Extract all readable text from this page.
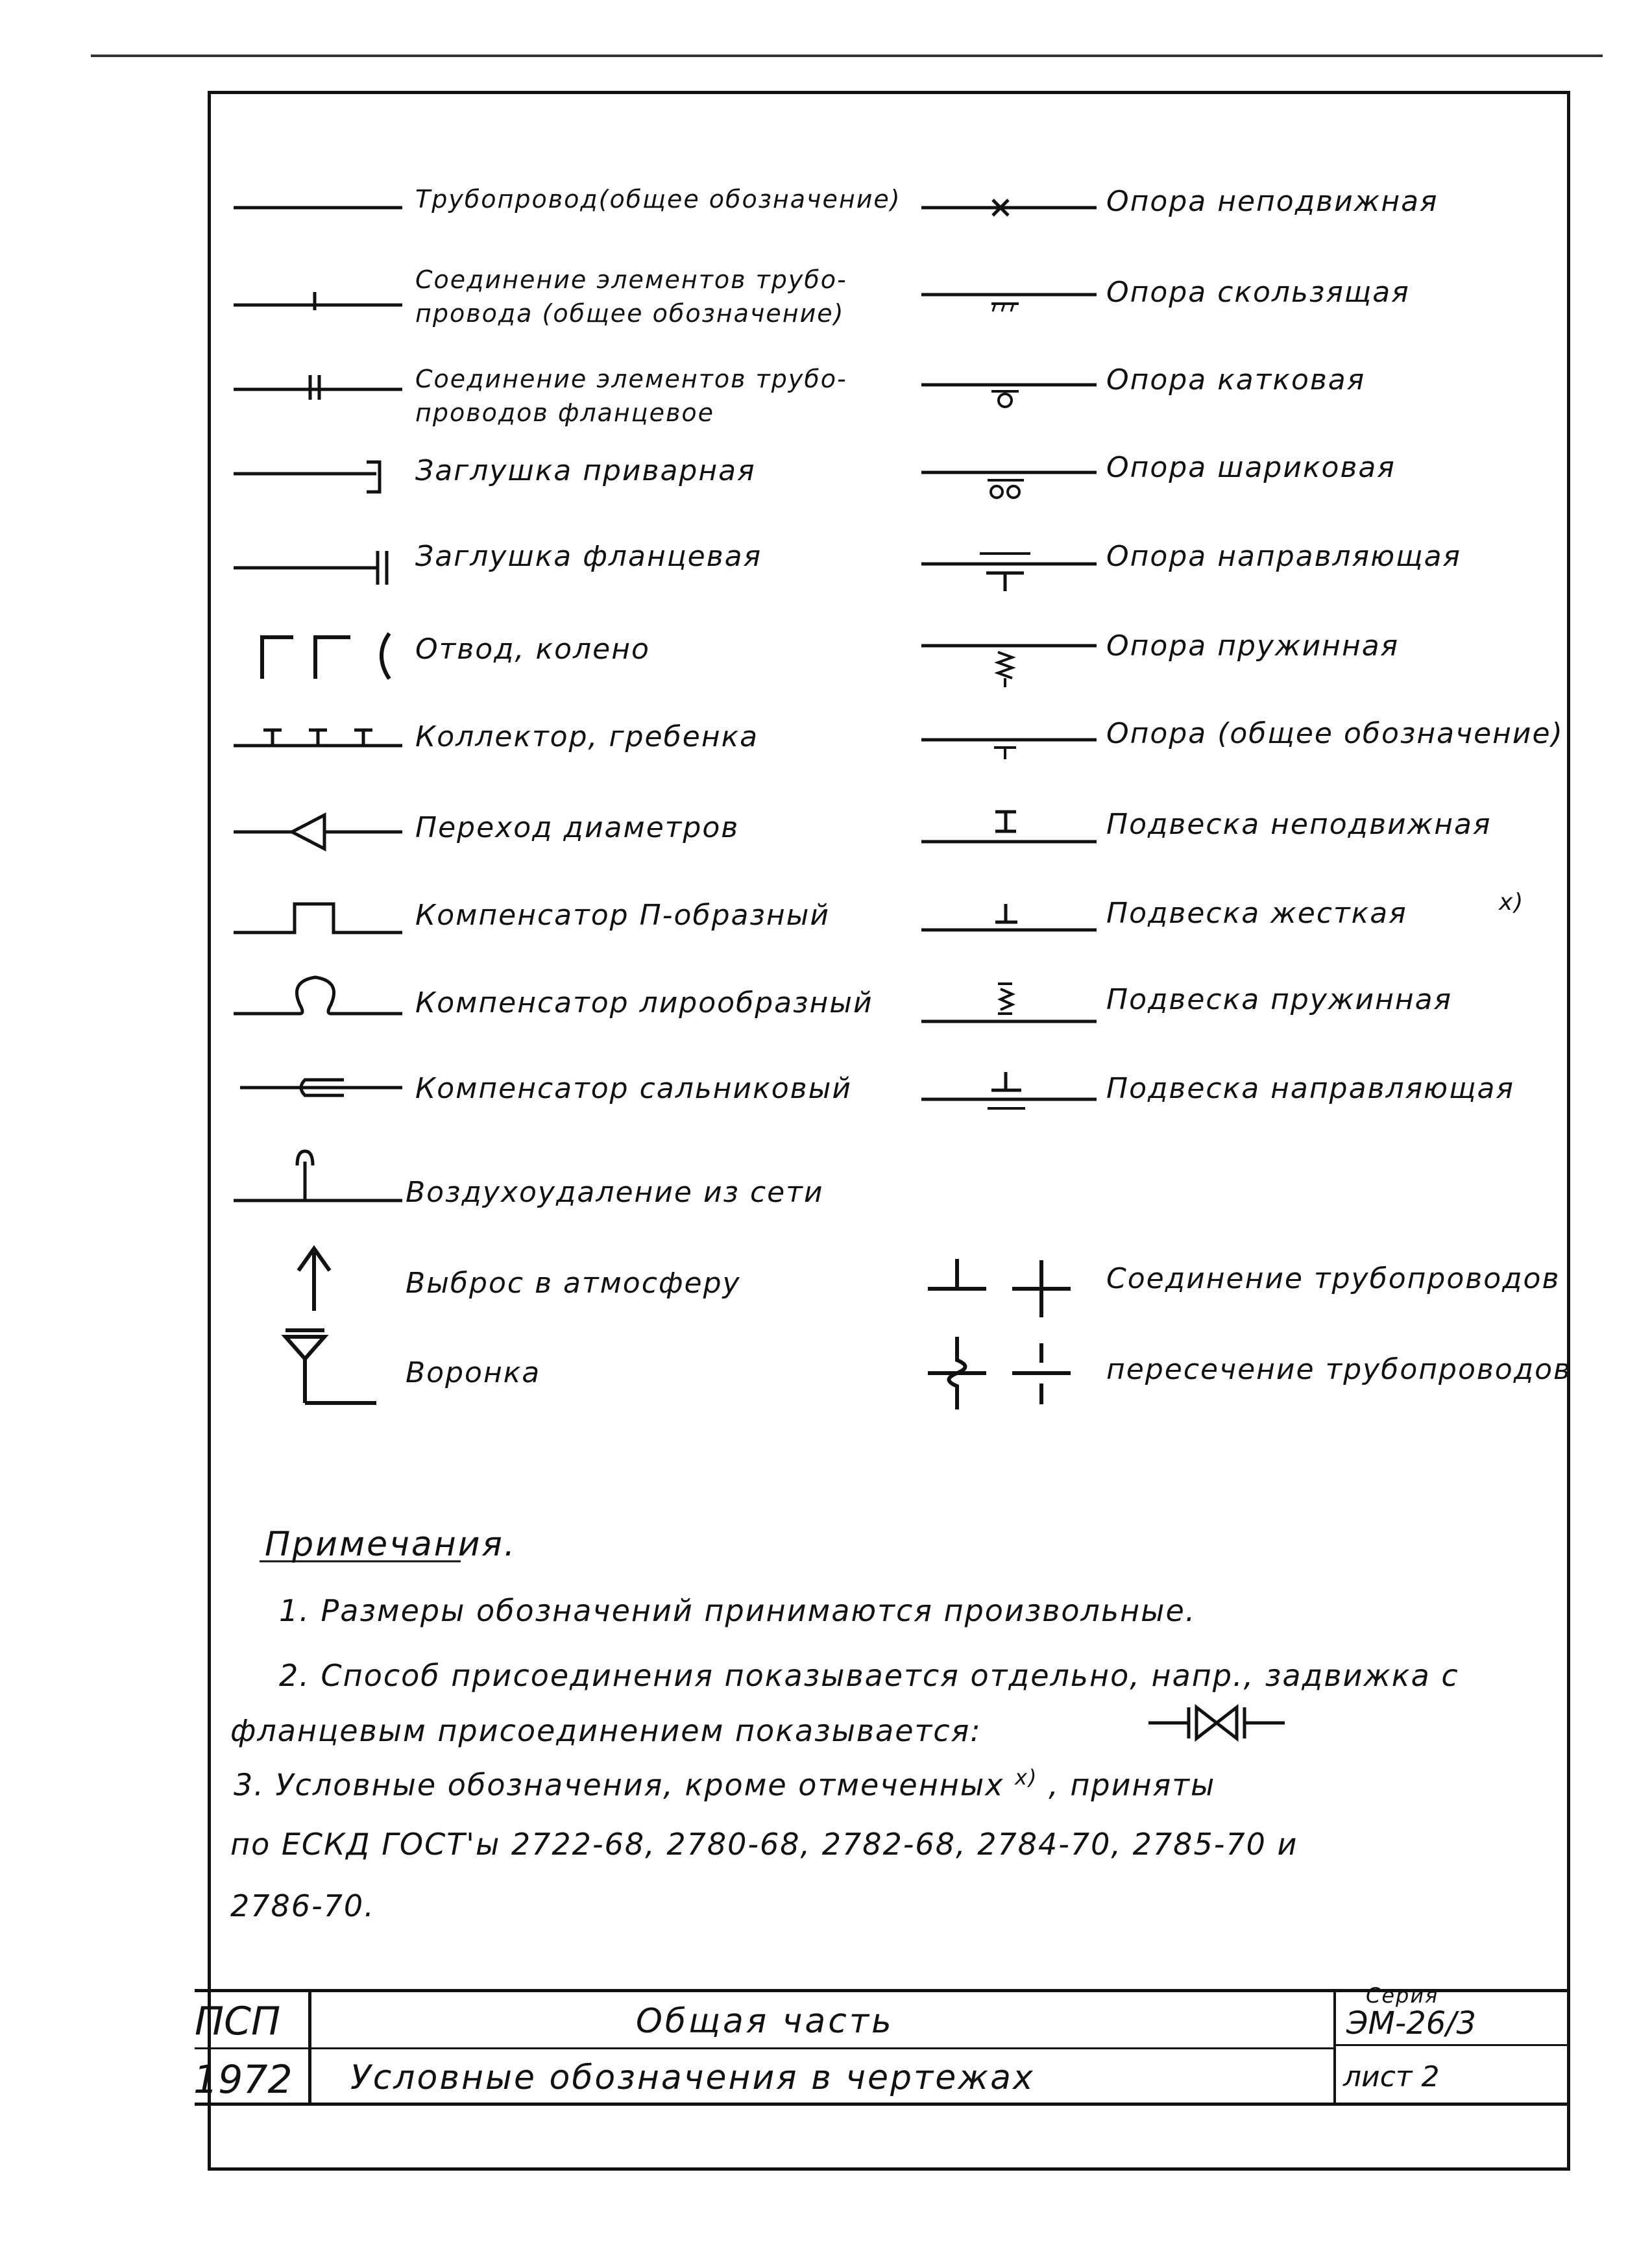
Трубопровод(общее обозначение)
Соединение элементов трубо-
провода (общее обозначение)
Соединение элементов трубо-
проводов фланцевое
Заглушка приварная
Заглушка фланцевая
Отвод, колено
Коллектор, гребенка
Переход диаметров
Компенсатор П-образный
Компенсатор лирообразный
Компенсатор сальниковый
Воздухоудаление из сети
Выброс в атмосферу
Воронка
Опора неподвижная
Опора скользящая
Опора катковая
Опора шариковая
Опора направляющая
Опора пружинная
Опора (общее обозначение)
Подвеска неподвижная
Подвеска жесткая	x)
Подвеска пружинная
Подвеска направляющая
Соединение трубопроводов
пересечение трубопроводов
Примечания.
1. Размеры обозначений принимаются произвольные.
2. Способ присоединения показывается отдельно, напр., задвижка с
фланцевым присоединением показывается:
3. Условные обозначения, кроме отмеченных $^{x)}$ , приняты
по ЕСКД ГОСТ'ы 2722-68, 2780-68, 2782-68, 2784-70, 2785-70 и
2786-70.
ПСП
1972
Общая часть
Условные обозначения в чертежах
Серия
ЭМ-26/3
лист 2
